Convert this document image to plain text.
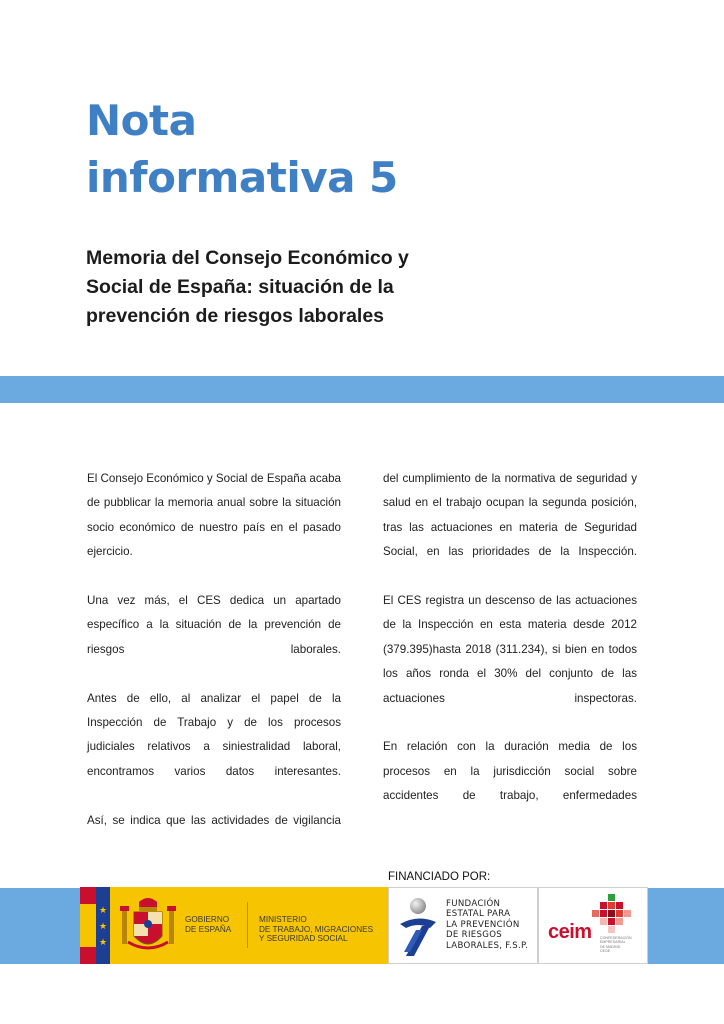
Nota
informativa 5
Memoria del Consejo Económico y
Social de España: situación de la
prevención de riesgos laborales

El Consejo Económico y Social de España acaba de pubblicar la memoria anual sobre la situación socio económico de nuestro país en el pasado ejercicio.

Una vez más, el CES dedica un apartado específico a la situación de la prevención de riesgos laborales.

Antes de ello, al analizar el papel de la Inspección de Trabajo y de los procesos judiciales relativos a siniestralidad laboral, encontramos varios datos interesantes.

Así, se indica que las actividades de vigilancia

del cumplimiento de la normativa de seguridad y salud en el trabajo ocupan la segunda posición, tras las actuaciones en materia de Seguridad Social, en las prioridades de la Inspección.

El CES registra un descenso de las actuaciones de la Inspección en esta materia desde 2012 (379.395)hasta 2018 (311.234), si bien en todos los años ronda el 30% del conjunto de las actuaciones inspectoras.

En relación con la duración media de los procesos en la jurisdicción social sobre accidentes de trabajo, enfermedades

FINANCIADO POR:
★
★
★
GOBIERNO
DE ESPAÑA
MINISTERIO
DE TRABAJO, MIGRACIONES
Y SEGURIDAD SOCIAL
FUNDACIÓN
ESTATAL PARA
LA PREVENCIÓN
DE RIESGOS
LABORALES, F.S.P.
ceim CONFEDERACIÓN
EMPRESARIAL
DE MADRID
CEOE
